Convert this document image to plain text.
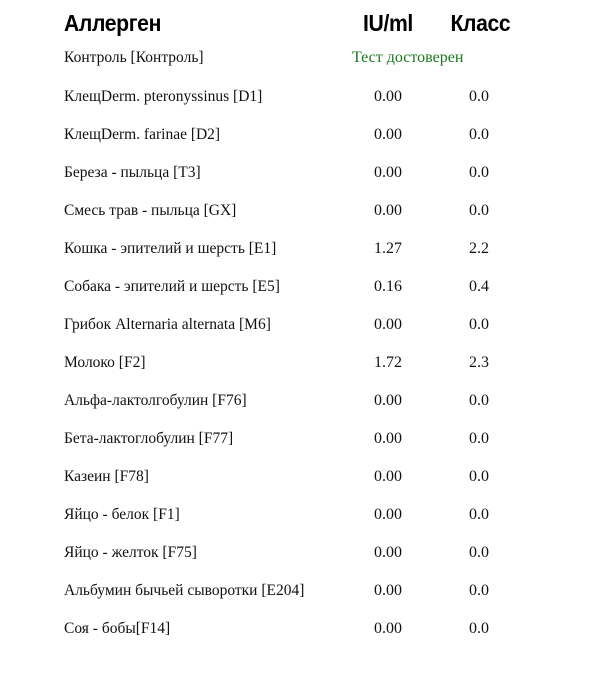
Аллерген	IU/ml	Класс
Контроль [Контроль]	Тест достоверен
КлещDerm. pteronyssinus [D1]	0.00	0.0
КлещDerm. farinae [D2]	0.00	0.0
Береза - пыльца [T3]	0.00	0.0
Смесь трав - пыльца [GX]	0.00	0.0
Кошка - эпителий и шерсть [E1]	1.27	2.2
Собака - эпителий и шерсть [E5]	0.16	0.4
Грибок Alternaria alternata [M6]	0.00	0.0
Молоко [F2]	1.72	2.3
Альфа-лактолгобулин [F76]	0.00	0.0
Бета-лактоглобулин [F77]	0.00	0.0
Казеин [F78]	0.00	0.0
Яйцо - белок [F1]	0.00	0.0
Яйцо - желток [F75]	0.00	0.0
Альбумин бычьей сыворотки [E204]	0.00	0.0
Соя - бобы[F14]	0.00	0.0
